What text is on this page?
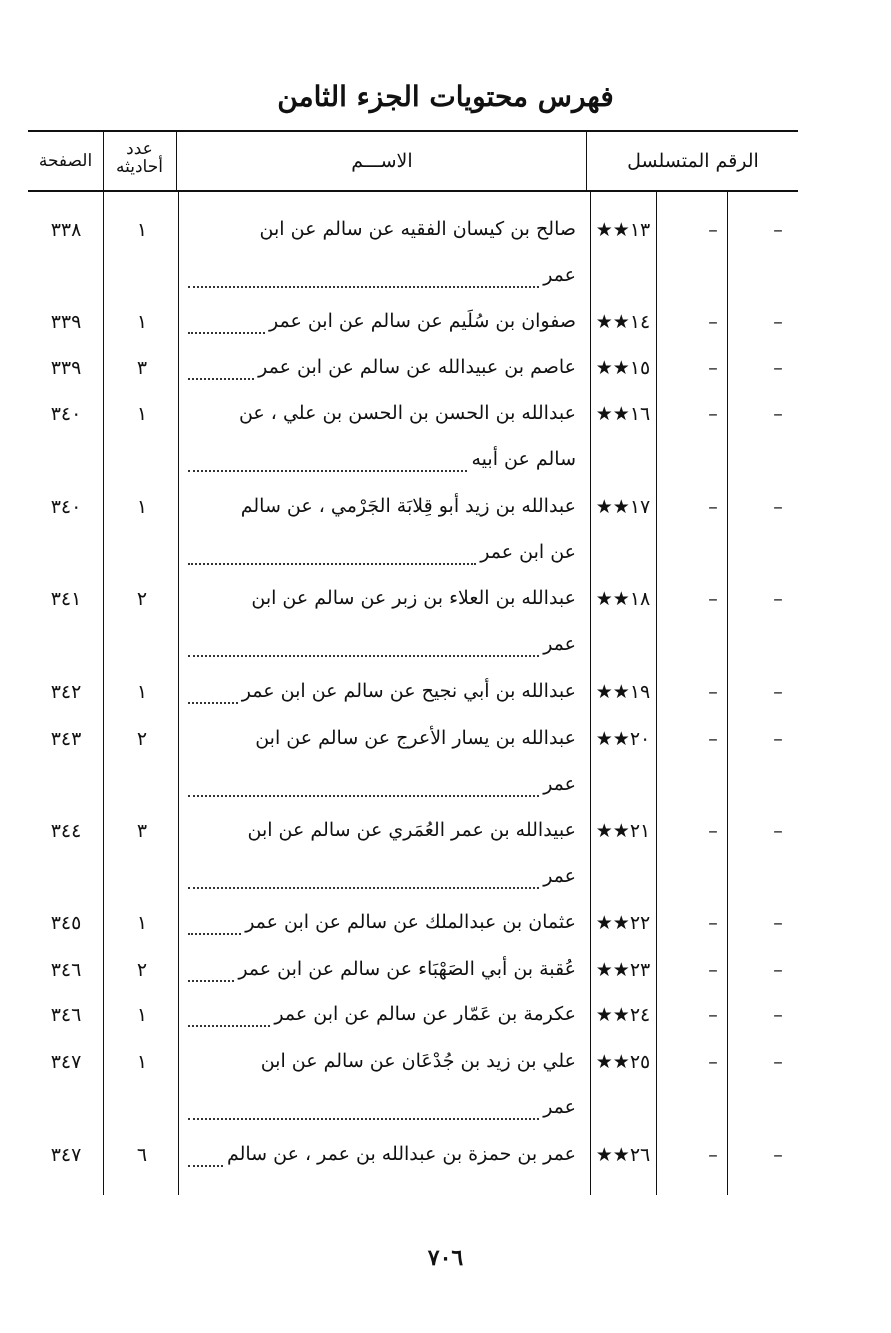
فهرس محتويات الجزء الثامن
الرقم المتسلسل
الاســـم
عدد
أحاديثه
الصفحة
–
–
★★١٣
صالح بن كيسان الفقيه عن سالم عن ابن
عمر
١
٣٣٨
–
–
★★١٤
صفوان بن سُلَيم عن سالم عن ابن عمر
١
٣٣٩
–
–
★★١٥
عاصم بن عبيدالله عن سالم عن ابن عمر
٣
٣٣٩
–
–
★★١٦
عبدالله بن الحسن بن الحسن بن علي ، عن
سالم عن أبيه
١
٣٤٠
–
–
★★١٧
عبدالله بن زيد أبو قِلابَة الجَرْمي ، عن سالم
عن ابن عمر
١
٣٤٠
–
–
★★١٨
عبدالله بن العلاء بن زبر عن سالم عن ابن
عمر
٢
٣٤١
–
–
★★١٩
عبدالله بن أبي نجيح عن سالم عن ابن عمر
١
٣٤٢
–
–
★★٢٠
عبدالله بن يسار الأعرج عن سالم عن ابن
عمر
٢
٣٤٣
–
–
★★٢١
عبيدالله بن عمر العُمَري عن سالم عن ابن
عمر
٣
٣٤٤
–
–
★★٢٢
عثمان بن عبدالملك عن سالم عن ابن عمر
١
٣٤٥
–
–
★★٢٣
عُقبة بن أبي الصَهْبَاء عن سالم عن ابن عمر
٢
٣٤٦
–
–
★★٢٤
عكرمة بن عَمّار عن سالم عن ابن عمر
١
٣٤٦
–
–
★★٢٥
علي بن زيد بن جُدْعَان عن سالم عن ابن
عمر
١
٣٤٧
–
–
★★٢٦
عمر بن حمزة بن عبدالله بن عمر ، عن سالم
٦
٣٤٧
٧٠٦
